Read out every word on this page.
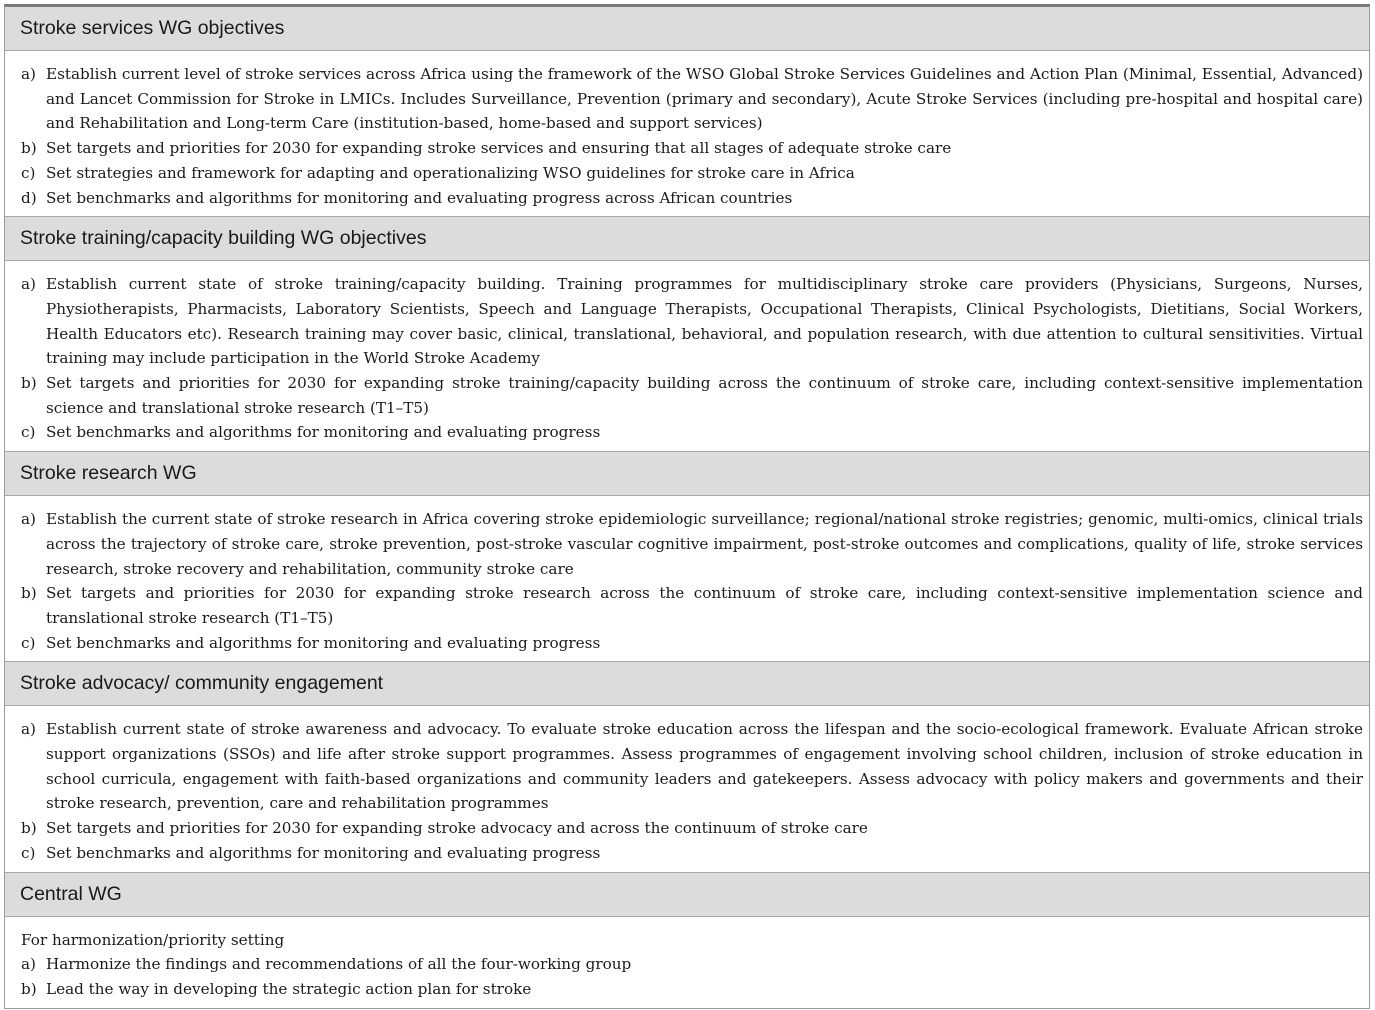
Stroke services WG objectives
a) Establish current level of stroke services across Africa using the framework of the WSO Global Stroke Services Guidelines and Action Plan (Minimal, Essential, Advanced) and Lancet Commission for Stroke in LMICs. Includes Surveillance, Prevention (primary and secondary), Acute Stroke Services (including pre-hospital and hospital care) and Rehabilitation and Long-term Care (institution-based, home-based and support services)
b) Set targets and priorities for 2030 for expanding stroke services and ensuring that all stages of adequate stroke care
c) Set strategies and framework for adapting and operationalizing WSO guidelines for stroke care in Africa
d) Set benchmarks and algorithms for monitoring and evaluating progress across African countries
Stroke training/capacity building WG objectives
a) Establish current state of stroke training/capacity building. Training programmes for multidisciplinary stroke care providers (Physicians, Surgeons, Nurses, Physiotherapists, Pharmacists, Laboratory Scientists, Speech and Language Therapists, Occupational Therapists, Clinical Psychologists, Dietitians, Social Workers, Health Educators etc). Research training may cover basic, clinical, translational, behavioral, and population research, with due attention to cultural sensitivities. Virtual training may include participation in the World Stroke Academy
b) Set targets and priorities for 2030 for expanding stroke training/capacity building across the continuum of stroke care, including context-sensitive implementation science and translational stroke research (T1–T5)
c) Set benchmarks and algorithms for monitoring and evaluating progress
Stroke research WG
a) Establish the current state of stroke research in Africa covering stroke epidemiologic surveillance; regional/national stroke registries; genomic, multi-omics, clinical trials across the trajectory of stroke care, stroke prevention, post-stroke vascular cognitive impairment, post-stroke outcomes and complications, quality of life, stroke services research, stroke recovery and rehabilitation, community stroke care
b) Set targets and priorities for 2030 for expanding stroke research across the continuum of stroke care, including context-sensitive implementation science and translational stroke research (T1–T5)
c) Set benchmarks and algorithms for monitoring and evaluating progress
Stroke advocacy/ community engagement
a) Establish current state of stroke awareness and advocacy. To evaluate stroke education across the lifespan and the socio-ecological framework. Evaluate African stroke support organizations (SSOs) and life after stroke support programmes. Assess programmes of engagement involving school children, inclusion of stroke education in school curricula, engagement with faith-based organizations and community leaders and gatekeepers. Assess advocacy with policy makers and governments and their stroke research, prevention, care and rehabilitation programmes
b) Set targets and priorities for 2030 for expanding stroke advocacy and across the continuum of stroke care
c) Set benchmarks and algorithms for monitoring and evaluating progress
Central WG
For harmonization/priority setting
a) Harmonize the findings and recommendations of all the four-working group
b) Lead the way in developing the strategic action plan for stroke
